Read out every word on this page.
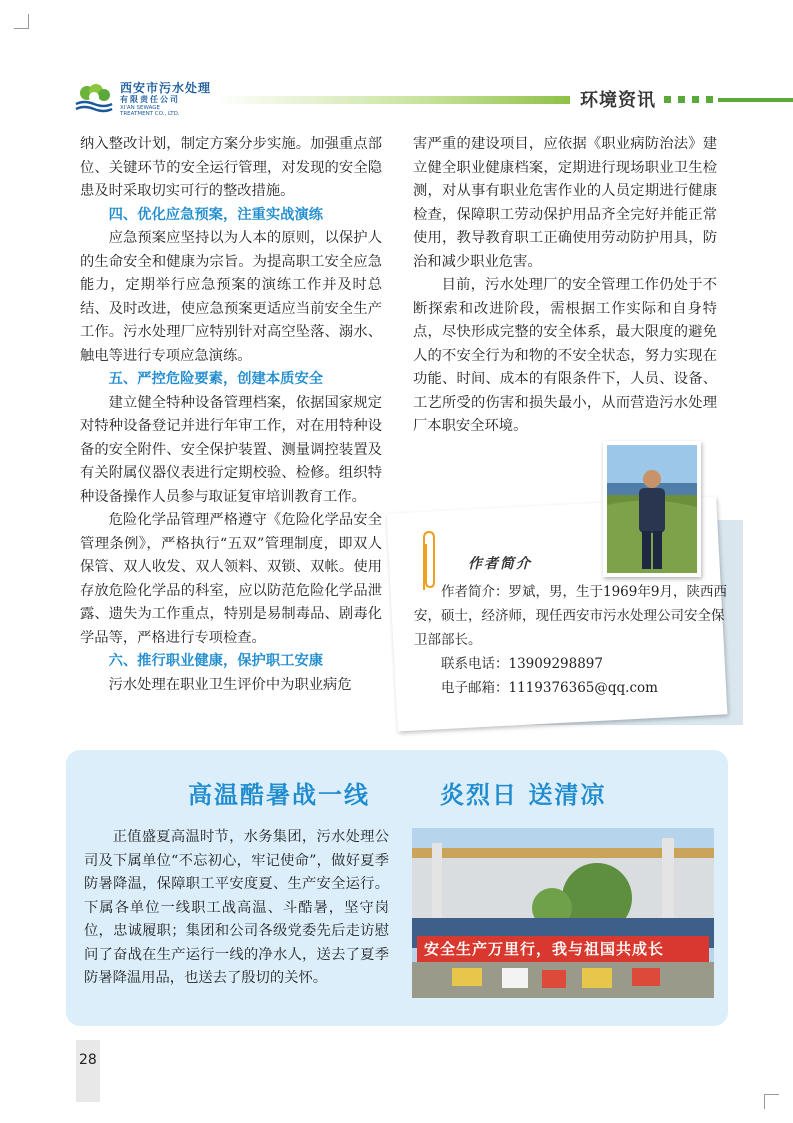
西安市污水处理
有限责任公司
XI'AN SEWAGE
TREATMENT CO., LTD.
环境资讯

纳入整改计划，制定方案分步实施。加强重点部位、关键环节的安全运行管理，对发现的安全隐患及时采取切实可行的整改措施。

四、优化应急预案，注重实战演练

应急预案应坚持以为人本的原则，以保护人的生命安全和健康为宗旨。为提高职工安全应急能力，定期举行应急预案的演练工作并及时总结、及时改进，使应急预案更适应当前安全生产工作。污水处理厂应特别针对高空坠落、溺水、触电等进行专项应急演练。

五、严控危险要素，创建本质安全

建立健全特种设备管理档案，依据国家规定对特种设备登记并进行年审工作，对在用特种设备的安全附件、安全保护装置、测量调控装置及有关附属仪器仪表进行定期校验、检修。组织特种设备操作人员参与取证复审培训教育工作。

危险化学品管理严格遵守《危险化学品安全管理条例》，严格执行“五双”管理制度，即双人保管、双人收发、双人领料、双锁、双帐。使用存放危险化学品的科室，应以防范危险化学品泄露、遗失为工作重点，特别是易制毒品、剧毒化学品等，严格进行专项检查。

六、推行职业健康，保护职工安康

污水处理在职业卫生评价中为职业病危

害严重的建设项目，应依据《职业病防治法》建立健全职业健康档案，定期进行现场职业卫生检测，对从事有职业危害作业的人员定期进行健康检查，保障职工劳动保护用品齐全完好并能正常使用，教导教育职工正确使用劳动防护用具，防治和减少职业危害。

目前，污水处理厂的安全管理工作仍处于不断探索和改进阶段，需根据工作实际和自身特点，尽快形成完整的安全体系，最大限度的避免人的不安全行为和物的不安全状态，努力实现在功能、时间、成本的有限条件下，人员、设备、工艺所受的伤害和损失最小，从而营造污水处理厂本职安全环境。

作者简介

作者简介：罗斌，男，生于1969年9月，陕西西安，硕士，经济师，现任西安市污水处理公司安全保卫部部长。

联系电话：13909298897

电子邮箱：1119376365@qq.com

高温酷暑战一线	炎烈日 送清凉

正值盛夏高温时节，水务集团，污水处理公司及下属单位“不忘初心，牢记使命”，做好夏季防暑降温，保障职工平安度夏、生产安全运行。下属各单位一线职工战高温、斗酷暑，坚守岗位，忠诚履职；集团和公司各级党委先后走访慰问了奋战在生产运行一线的净水人，送去了夏季防暑降温用品，也送去了殷切的关怀。

安全生产万里行，我与祖国共成长
28
